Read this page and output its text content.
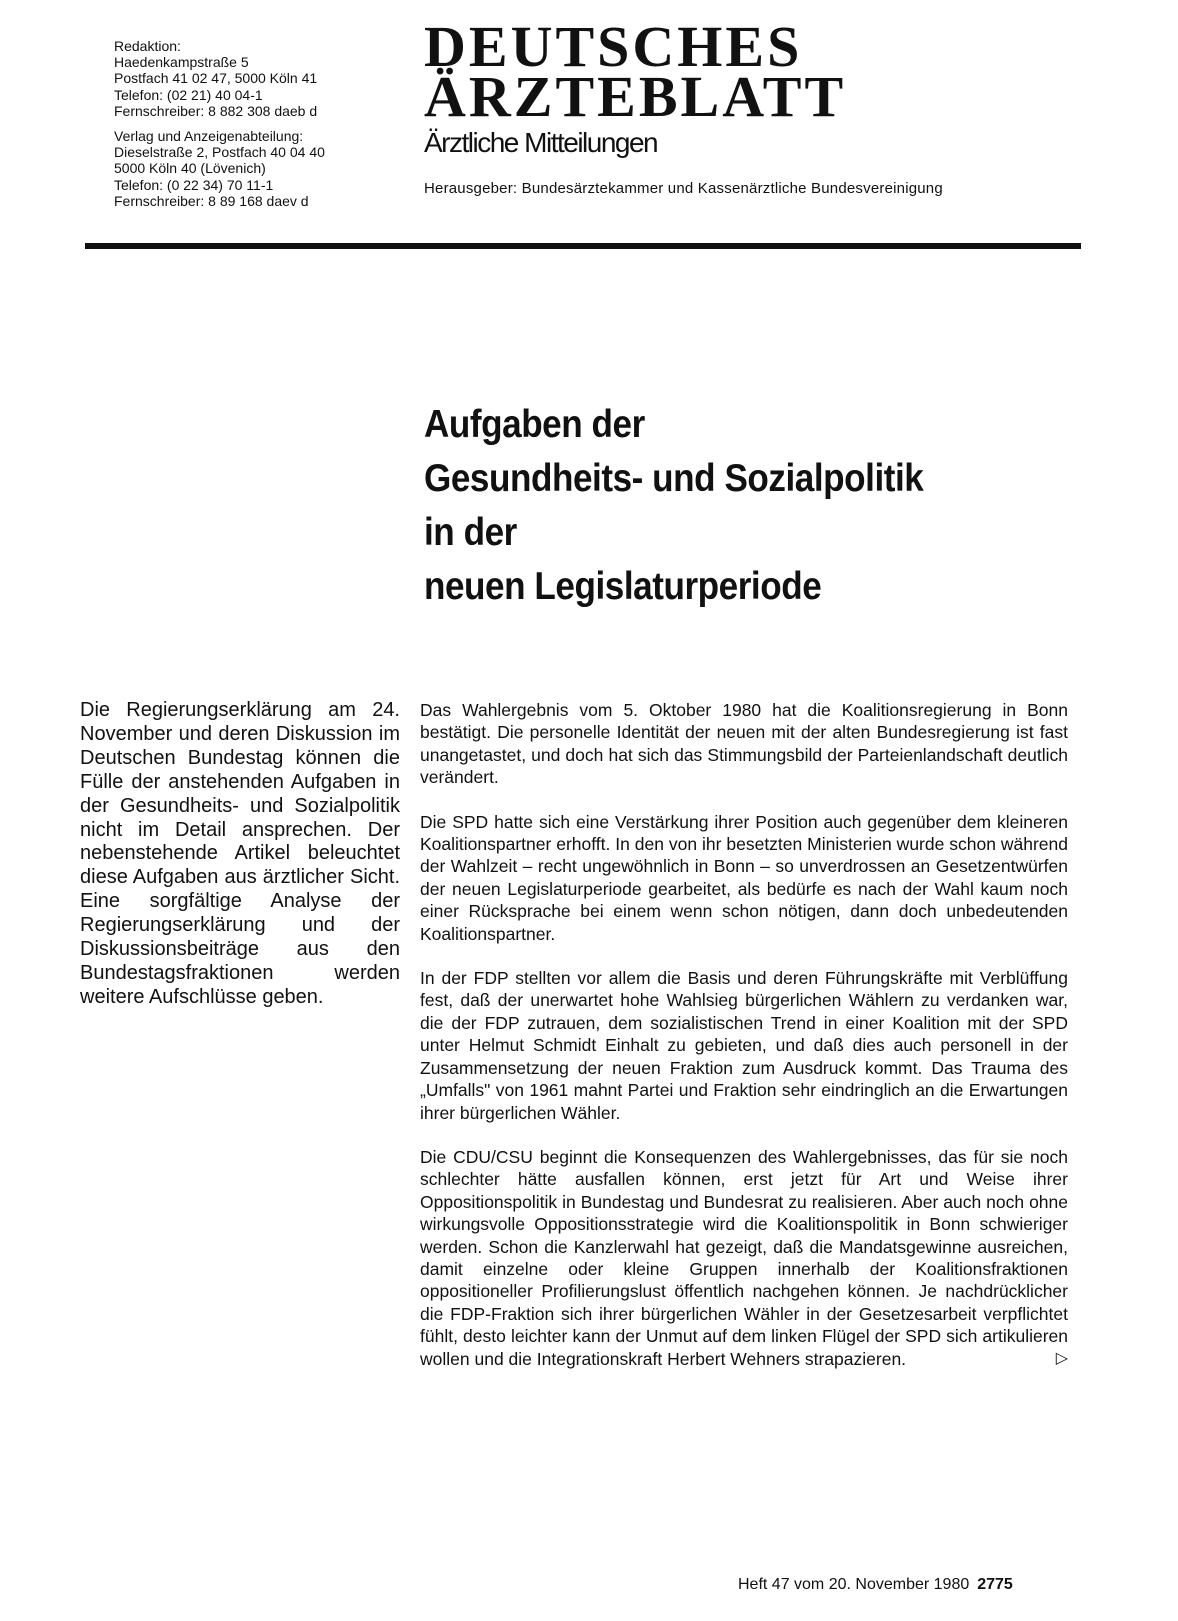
Redaktion:
Haedenkampstraße 5
Postfach 41 02 47, 5000 Köln 41
Telefon: (02 21) 40 04-1
Fernschreiber: 8 882 308 daeb d
Verlag und Anzeigenabteilung:
Dieselstraße 2, Postfach 40 04 40
5000 Köln 40 (Lövenich)
Telefon: (0 22 34) 70 11-1
Fernschreiber: 8 89 168 daev d
DEUTSCHES
ÄRZTEBLATT
Ärztliche Mitteilungen
Herausgeber: Bundesärztekammer und Kassenärztliche Bundesvereinigung
Aufgaben der
Gesundheits- und Sozialpolitik
in der
neuen Legislaturperiode
Die Regierungserklärung am 24. November und deren Diskussion im Deutschen Bundestag können die Fülle der anstehenden Aufgaben in der Gesundheits- und Sozialpolitik nicht im Detail ansprechen. Der nebenstehende Artikel beleuchtet diese Aufgaben aus ärztlicher Sicht. Eine sorgfältige Analyse der Regierungserklärung und der Diskussionsbeiträge aus den Bundestagsfraktionen werden weitere Aufschlüsse geben.

Das Wahlergebnis vom 5. Oktober 1980 hat die Koalitionsregierung in Bonn bestätigt. Die personelle Identität der neuen mit der alten Bundesregierung ist fast unangetastet, und doch hat sich das Stimmungsbild der Parteienlandschaft deutlich verändert.

Die SPD hatte sich eine Verstärkung ihrer Position auch gegenüber dem kleineren Koalitionspartner erhofft. In den von ihr besetzten Ministerien wurde schon während der Wahlzeit – recht ungewöhnlich in Bonn – so unverdrossen an Gesetzentwürfen der neuen Legislaturperiode gearbeitet, als bedürfe es nach der Wahl kaum noch einer Rücksprache bei einem wenn schon nötigen, dann doch unbedeutenden Koalitionspartner.

In der FDP stellten vor allem die Basis und deren Führungskräfte mit Verblüffung fest, daß der unerwartet hohe Wahlsieg bürgerlichen Wählern zu verdanken war, die der FDP zutrauen, dem sozialistischen Trend in einer Koalition mit der SPD unter Helmut Schmidt Einhalt zu gebieten, und daß dies auch personell in der Zusammensetzung der neuen Fraktion zum Ausdruck kommt. Das Trauma des „Umfalls" von 1961 mahnt Partei und Fraktion sehr eindringlich an die Erwartungen ihrer bürgerlichen Wähler.

Die CDU/CSU beginnt die Konsequenzen des Wahlergebnisses, das für sie noch schlechter hätte ausfallen können, erst jetzt für Art und Weise ihrer Oppositionspolitik in Bundestag und Bundesrat zu realisieren. Aber auch noch ohne wirkungsvolle Oppositionsstrategie wird die Koalitionspolitik in Bonn schwieriger werden. Schon die Kanzlerwahl hat gezeigt, daß die Mandatsgewinne ausreichen, damit einzelne oder kleine Gruppen innerhalb der Koalitionsfraktionen oppositioneller Profilierungslust öffentlich nachgehen können. Je nachdrücklicher die FDP-Fraktion sich ihrer bürgerlichen Wähler in der Gesetzesarbeit verpflichtet fühlt, desto leichter kann der Unmut auf dem linken Flügel der SPD sich artikulieren wollen und die Integrationskraft Herbert Wehners strapazieren.	▷

Heft 47 vom 20. November 1980 2775
